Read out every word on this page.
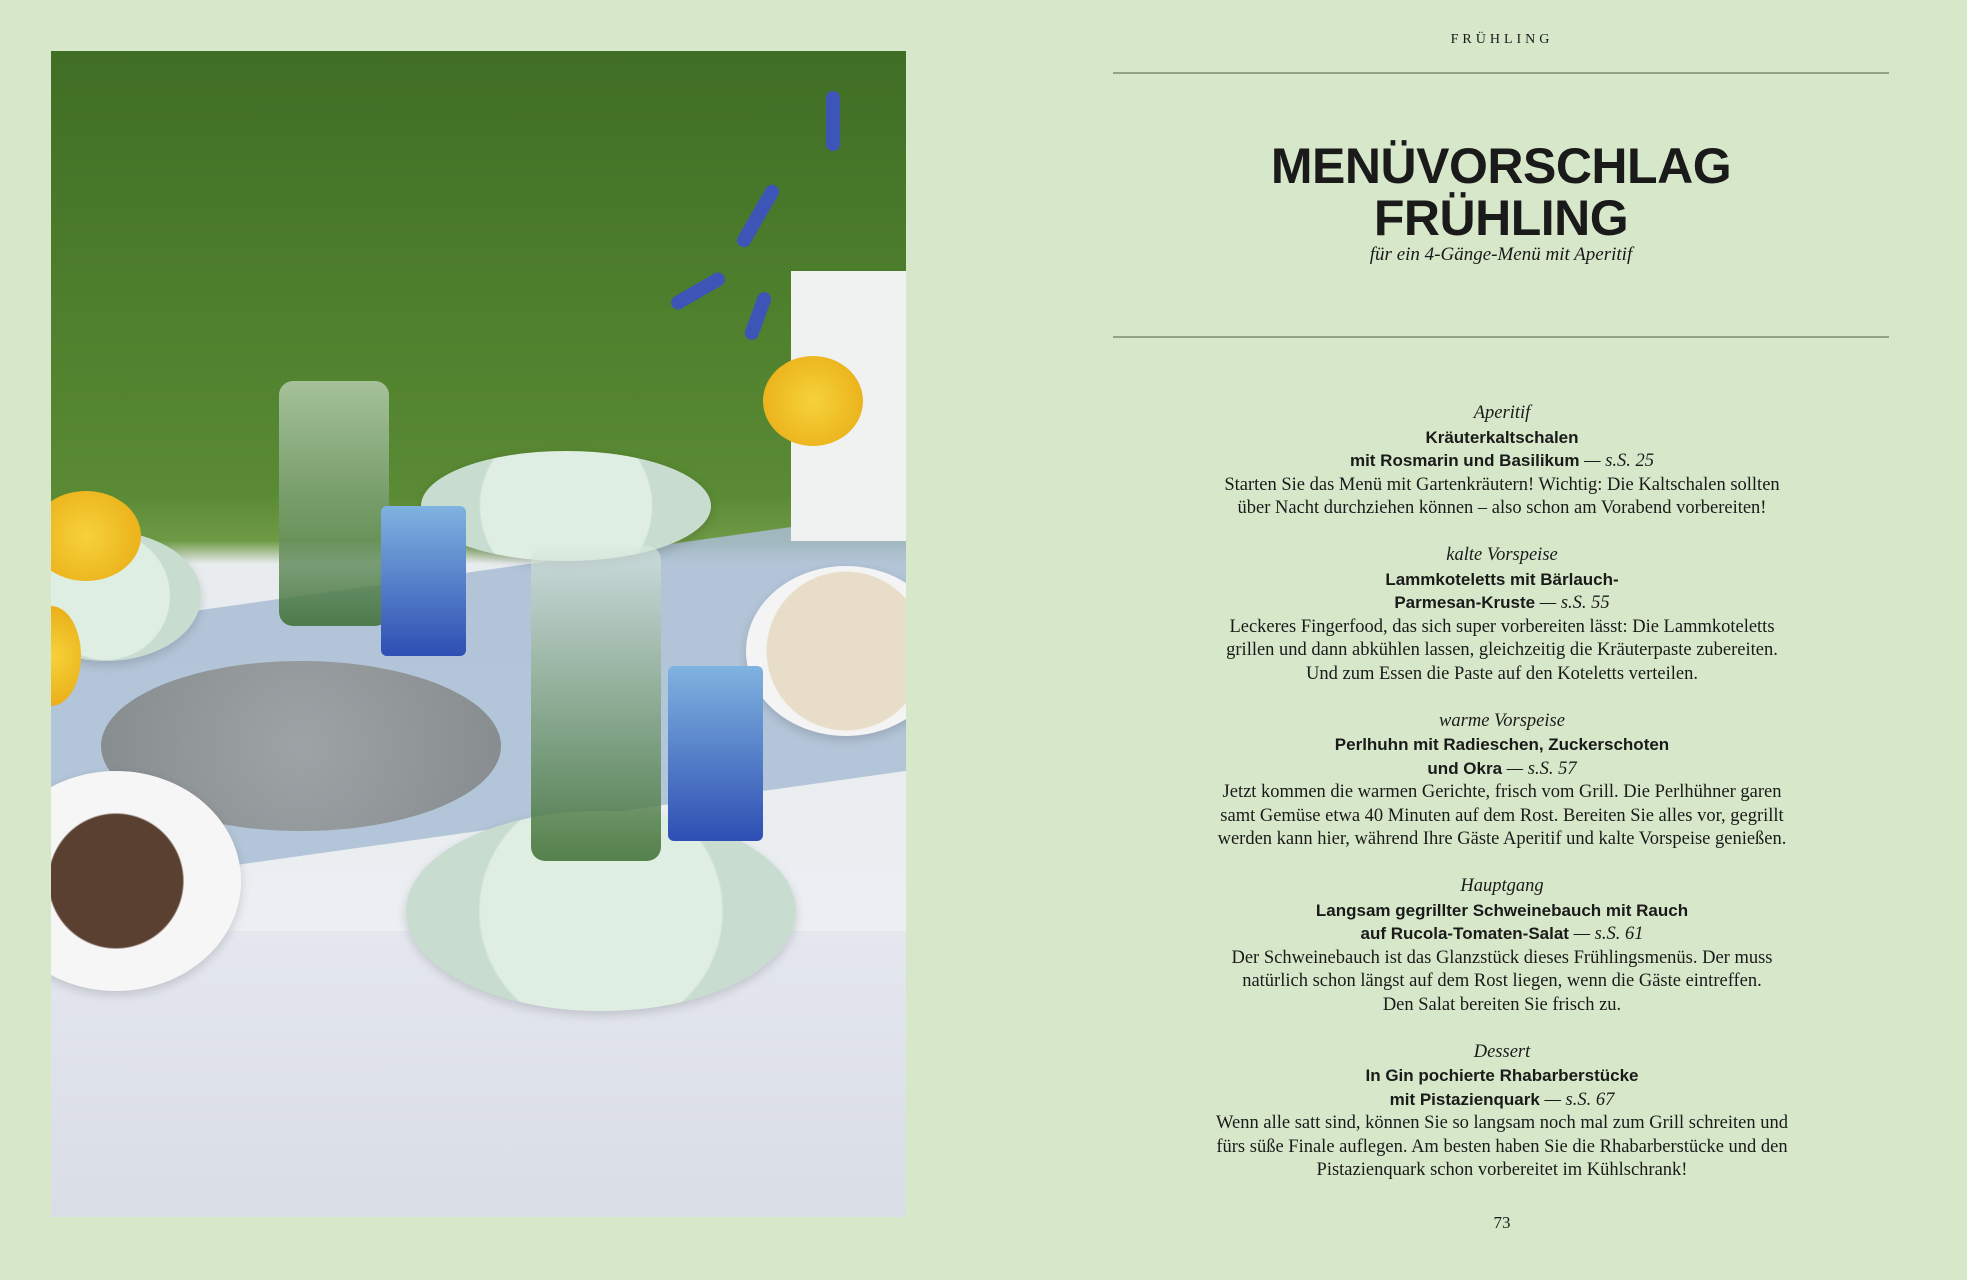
FRÜHLING
MENÜVORSCHLAG
FRÜHLING
für ein 4-Gänge-Menü mit Aperitif
Aperitif
Kräuterkaltschalen
mit Rosmarin und Basilikum — s.S. 25
Starten Sie das Menü mit Gartenkräutern! Wichtig: Die Kaltschalen sollten
über Nacht durchziehen können – also schon am Vorabend vorbereiten!
kalte Vorspeise
Lammkoteletts mit Bärlauch-
Parmesan-Kruste — s.S. 55
Leckeres Fingerfood, das sich super vorbereiten lässt: Die Lammkoteletts
grillen und dann abkühlen lassen, gleichzeitig die Kräuterpaste zubereiten.
Und zum Essen die Paste auf den Koteletts verteilen.
warme Vorspeise
Perlhuhn mit Radieschen, Zuckerschoten
und Okra — s.S. 57
Jetzt kommen die warmen Gerichte, frisch vom Grill. Die Perlhühner garen
samt Gemüse etwa 40 Minuten auf dem Rost. Bereiten Sie alles vor, gegrillt
werden kann hier, während Ihre Gäste Aperitif und kalte Vorspeise genießen.
Hauptgang
Langsam gegrillter Schweinebauch mit Rauch
auf Rucola-Tomaten-Salat — s.S. 61
Der Schweinebauch ist das Glanzstück dieses Frühlingsmenüs. Der muss
natürlich schon längst auf dem Rost liegen, wenn die Gäste eintreffen.
Den Salat bereiten Sie frisch zu.
Dessert
In Gin pochierte Rhabarberstücke
mit Pistazienquark — s.S. 67
Wenn alle satt sind, können Sie so langsam noch mal zum Grill schreiten und
fürs süße Finale auflegen. Am besten haben Sie die Rhabarberstücke und den
Pistazienquark schon vorbereitet im Kühlschrank!
73
